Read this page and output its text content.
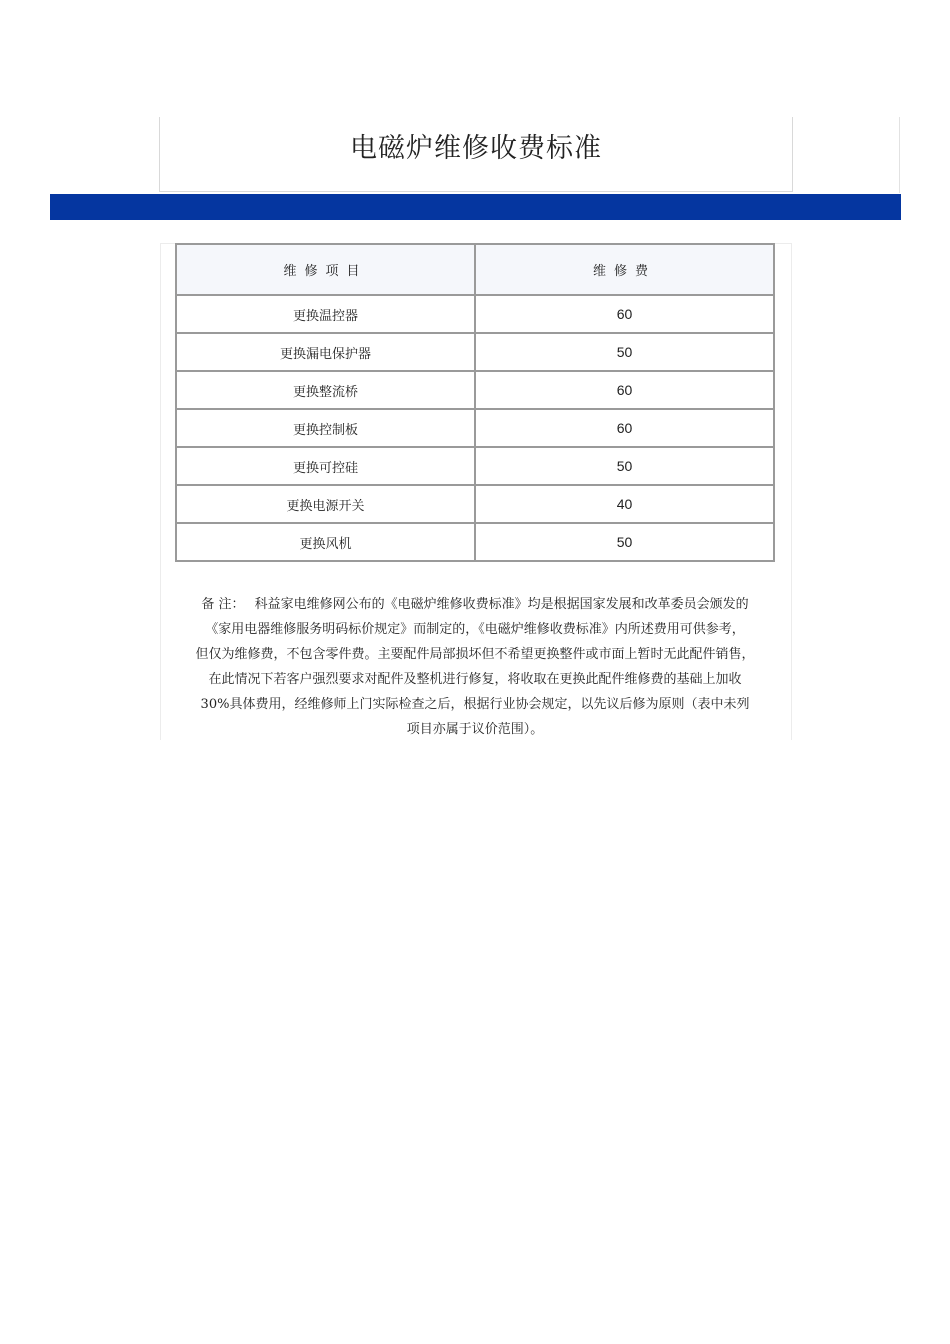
电磁炉维修收费标准
维修项目	维修费
更换温控器	60
更换漏电保护器	50
更换整流桥	60
更换控制板	60
更换可控硅	50
更换电源开关	40
更换风机	50
备 注： 科益家电维修网公布的《电磁炉维修收费标准》均是根据国家发展和改革委员会颁发的
《家用电器维修服务明码标价规定》而制定的，《电磁炉维修收费标准》内所述费用可供参考，
但仅为维修费，不包含零件费。主要配件局部损坏但不希望更换整件或市面上暂时无此配件销售，
在此情况下若客户强烈要求对配件及整机进行修复，将收取在更换此配件维修费的基础上加收
30%具体费用，经维修师上门实际检查之后，根据行业协会规定，以先议后修为原则（表中未列
项目亦属于议价范围）。
